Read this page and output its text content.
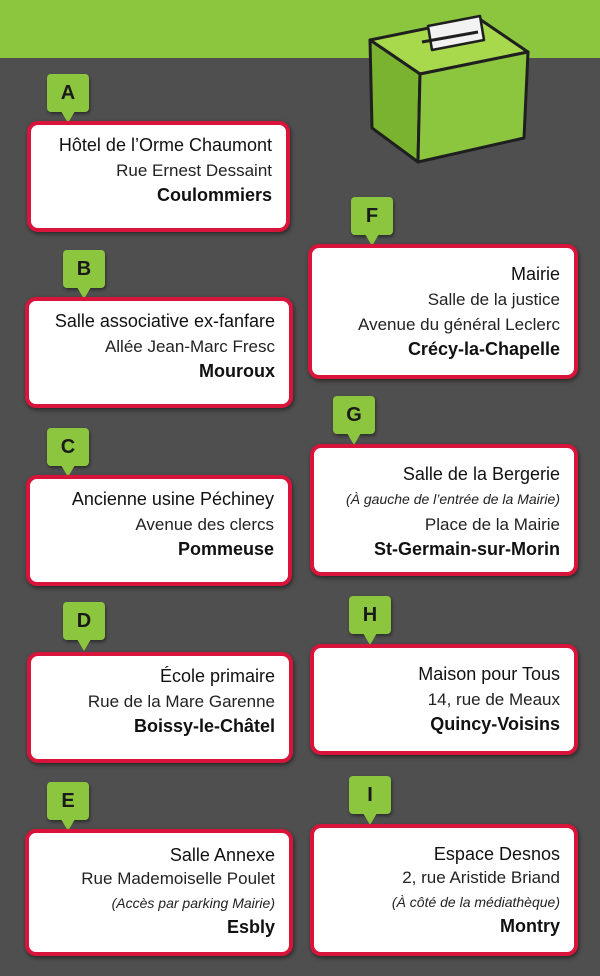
A
Hôtel de l’Orme Chaumont
Rue Ernest Dessaint
Coulommiers
B
Salle associative ex-fanfare
Allée Jean-Marc Fresc
Mouroux
C
Ancienne usine Péchiney
Avenue des clercs
Pommeuse
D
École primaire
Rue de la Mare Garenne
Boissy-le-Châtel
E
Salle Annexe
Rue Mademoiselle Poulet
(Accès par parking Mairie)
Esbly
F
Mairie
Salle de la justice
Avenue du général Leclerc
Crécy-la-Chapelle
G
Salle de la Bergerie
(À gauche de l’entrée de la Mairie)
Place de la Mairie
St-Germain-sur-Morin
H
Maison pour Tous
14, rue de Meaux
Quincy-Voisins
I
Espace Desnos
2, rue Aristide Briand
(À côté de la médiathèque)
Montry
